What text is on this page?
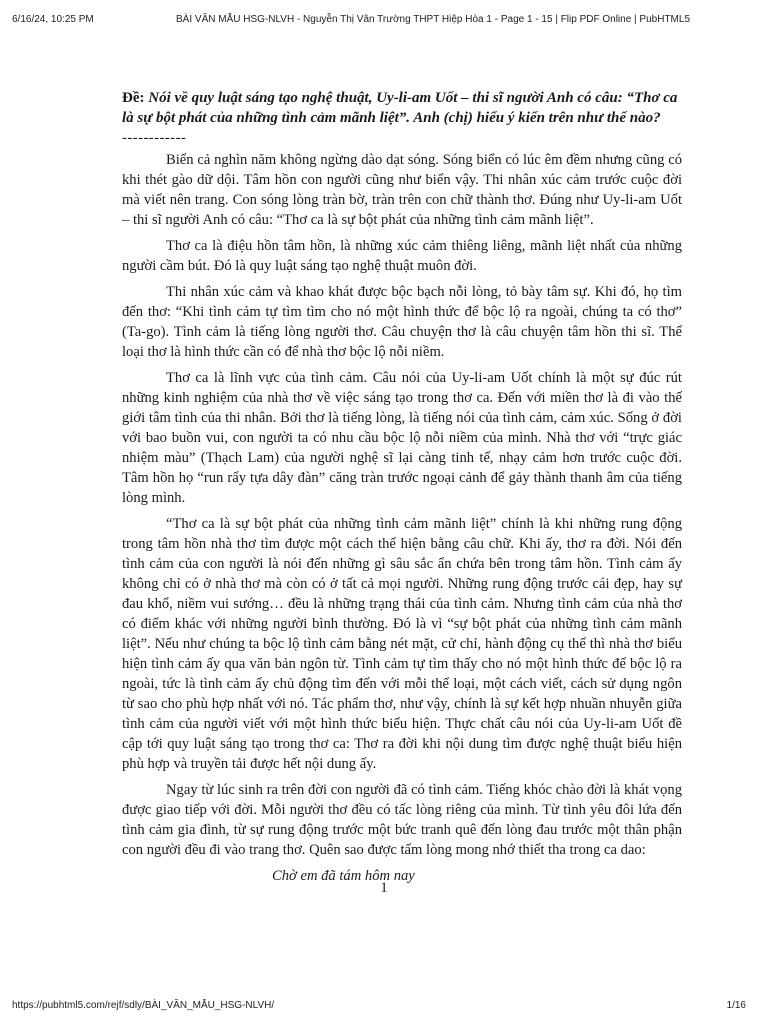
6/16/24, 10:25 PM	BÀI VĂN MẪU HSG-NLVH - Nguyễn Thị Vân Trường THPT Hiệp Hòa 1 - Page 1 - 15 | Flip PDF Online | PubHTML5

Đề: Nói về quy luật sáng tạo nghệ thuật, Uy-li-am Uốt – thi sĩ người Anh có câu: “Thơ ca là sự bột phát của những tình cảm mãnh liệt”. Anh (chị) hiểu ý kiến trên như thế nào?

------------

Biển cả nghìn năm không ngừng dào dạt sóng. Sóng biển có lúc êm đềm nhưng cũng có khi thét gào dữ dội. Tâm hồn con người cũng như biển vậy. Thi nhân xúc cảm trước cuộc đời mà viết nên trang. Con sóng lòng tràn bờ, tràn trên con chữ thành thơ. Đúng như Uy-li-am Uốt – thi sĩ người Anh có câu: “Thơ ca là sự bột phát của những tình cảm mãnh liệt”.

Thơ ca là điệu hồn tâm hồn, là những xúc cảm thiêng liêng, mãnh liệt nhất của những người cầm bút. Đó là quy luật sáng tạo nghệ thuật muôn đời.

Thi nhân xúc cảm và khao khát được bộc bạch nỗi lòng, tỏ bày tâm sự. Khi đó, họ tìm đến thơ: “Khi tình cảm tự tìm tìm cho nó một hình thức để bộc lộ ra ngoài, chúng ta có thơ” (Ta-go). Tình cảm là tiếng lòng người thơ. Câu chuyện thơ là câu chuyện tâm hồn thi sĩ. Thể loại thơ là hình thức cần có để nhà thơ bộc lộ nỗi niềm.

Thơ ca là lĩnh vực của tình cảm. Câu nói của Uy-li-am Uốt chính là một sự đúc rút những kinh nghiệm của nhà thơ về việc sáng tạo trong thơ ca. Đến với miền thơ là đi vào thế giới tâm tình của thi nhân. Bởi thơ là tiếng lòng, là tiếng nói của tình cảm, cảm xúc. Sống ở đời với bao buồn vui, con người ta có nhu cầu bộc lộ nỗi niềm của mình. Nhà thơ với “trực giác nhiệm màu” (Thạch Lam) của người nghệ sĩ lại càng tinh tế, nhạy cảm hơn trước cuộc đời. Tâm hồn họ “run rẩy tựa dây đàn” căng tràn trước ngoại cảnh để gảy thành thanh âm của tiếng lòng mình.

“Thơ ca là sự bột phát của những tình cảm mãnh liệt” chính là khi những rung động trong tâm hồn nhà thơ tìm được một cách thể hiện bằng câu chữ. Khi ấy, thơ ra đời. Nói đến tình cảm của con người là nói đến những gì sâu sắc ẩn chứa bên trong tâm hồn. Tình cảm ấy không chỉ có ở nhà thơ mà còn có ở tất cả mọi người. Những rung động trước cái đẹp, hay sự đau khổ, niềm vui sướng… đều là những trạng thái của tình cảm. Nhưng tình cảm của nhà thơ có điểm khác với những người bình thường. Đó là vì “sự bột phát của những tình cảm mãnh liệt”. Nếu như chúng ta bộc lộ tình cảm bằng nét mặt, cử chỉ, hành động cụ thể thì nhà thơ biểu hiện tình cảm ấy qua văn bản ngôn từ. Tình cảm tự tìm thấy cho nó một hình thức để bộc lộ ra ngoài, tức là tình cảm ấy chủ động tìm đến với mỗi thể loại, một cách viết, cách sử dụng ngôn từ sao cho phù hợp nhất với nó. Tác phẩm thơ, như vậy, chính là sự kết hợp nhuần nhuyễn giữa tình cảm của người viết với một hình thức biểu hiện. Thực chất câu nói của Uy-li-am Uốt đề cập tới quy luật sáng tạo trong thơ ca: Thơ ra đời khi nội dung tìm được nghệ thuật biểu hiện phù hợp và truyền tải được hết nội dung ấy.

Ngay từ lúc sinh ra trên đời con người đã có tình cảm. Tiếng khóc chào đời là khát vọng được giao tiếp với đời. Mỗi người thơ đều có tấc lòng riêng của mình. Từ tình yêu đôi lứa đến tình cảm gia đình, từ sự rung động trước một bức tranh quê đến lòng đau trước một thân phận con người đều đi vào trang thơ. Quên sao được tấm lòng mong nhớ thiết tha trong ca dao:

Chờ em đã tám hôm nay

1
https://pubhtml5.com/rejf/sdly/BÀI_VĂN_MẪU_HSG-NLVH/	1/16
